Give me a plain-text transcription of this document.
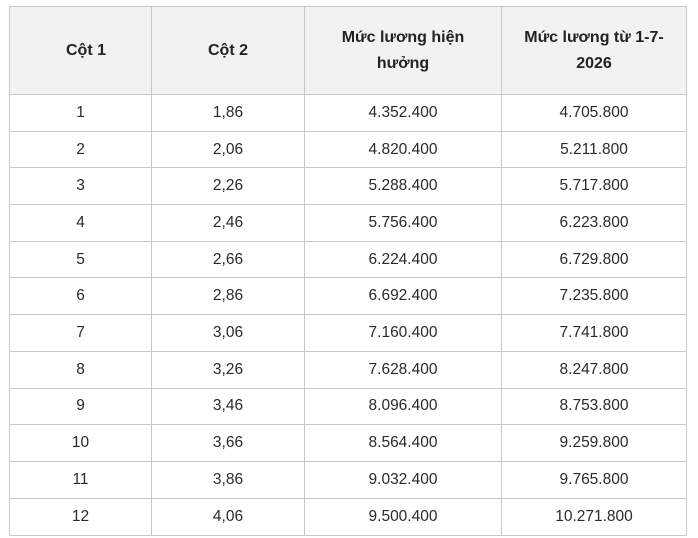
Cột 1	Cột 2	Mức lương hiện hưởng	Mức lương từ 1-7-2026
1	1,86	4.352.400	4.705.800
2	2,06	4.820.400	5.211.800
3	2,26	5.288.400	5.717.800
4	2,46	5.756.400	6.223.800
5	2,66	6.224.400	6.729.800
6	2,86	6.692.400	7.235.800
7	3,06	7.160.400	7.741.800
8	3,26	7.628.400	8.247.800
9	3,46	8.096.400	8.753.800
10	3,66	8.564.400	9.259.800
11	3,86	9.032.400	9.765.800
12	4,06	9.500.400	10.271.800
